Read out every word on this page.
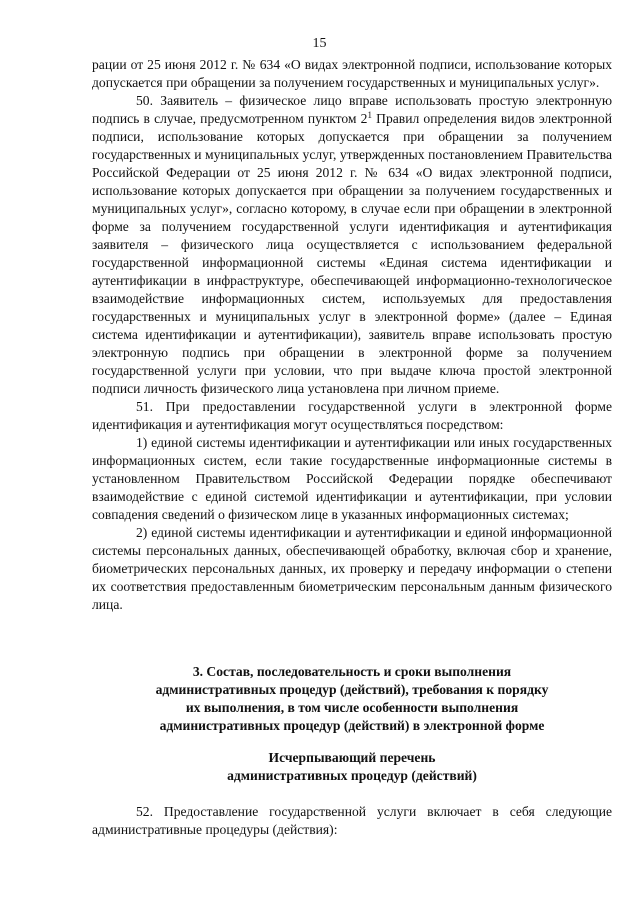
15

рации от 25 июня 2012 г. № 634 «О видах электронной подписи, использование которых допускается при обращении за получением государственных и муниципальных услуг».

50. Заявитель – физическое лицо вправе использовать простую электронную подпись в случае, предусмотренном пунктом $2^1$ Правил определения видов электронной подписи, использование которых допускается при обращении за получением государственных и муниципальных услуг, утвержденных постановлением Правительства Российской Федерации от 25 июня 2012 г. № 634 «О видах электронной подписи, использование которых допускается при обращении за получением государственных и муниципальных услуг», согласно которому, в случае если при обращении в электронной форме за получением государственной услуги идентификация и аутентификация заявителя – физического лица осуществляется с использованием федеральной государственной информационной системы «Единая система идентификации и аутентификации в инфраструктуре, обеспечивающей информационно-технологическое взаимодействие информационных систем, используемых для предоставления государственных и муниципальных услуг в электронной форме» (далее – Единая система идентификации и аутентификации), заявитель вправе использовать простую электронную подпись при обращении в электронной форме за получением государственной услуги при условии, что при выдаче ключа простой электронной подписи личность физического лица установлена при личном приеме.

51. При предоставлении государственной услуги в электронной форме идентификация и аутентификация могут осуществляться посредством:

1) единой системы идентификации и аутентификации или иных государственных информационных систем, если такие государственные информационные системы в установленном Правительством Российской Федерации порядке обеспечивают взаимодействие с единой системой идентификации и аутентификации, при условии совпадения сведений о физическом лице в указанных информационных системах;

2) единой системы идентификации и аутентификации и единой информационной системы персональных данных, обеспечивающей обработку, включая сбор и хранение, биометрических персональных данных, их проверку и передачу информации о степени их соответствия предоставленным биометрическим персональным данным физического лица.

3. Состав, последовательность и сроки выполнения
административных процедур (действий), требования к порядку
их выполнения, в том числе особенности выполнения
административных процедур (действий) в электронной форме
Исчерпывающий перечень
административных процедур (действий)

52. Предоставление государственной услуги включает в себя следующие административные процедуры (действия):
